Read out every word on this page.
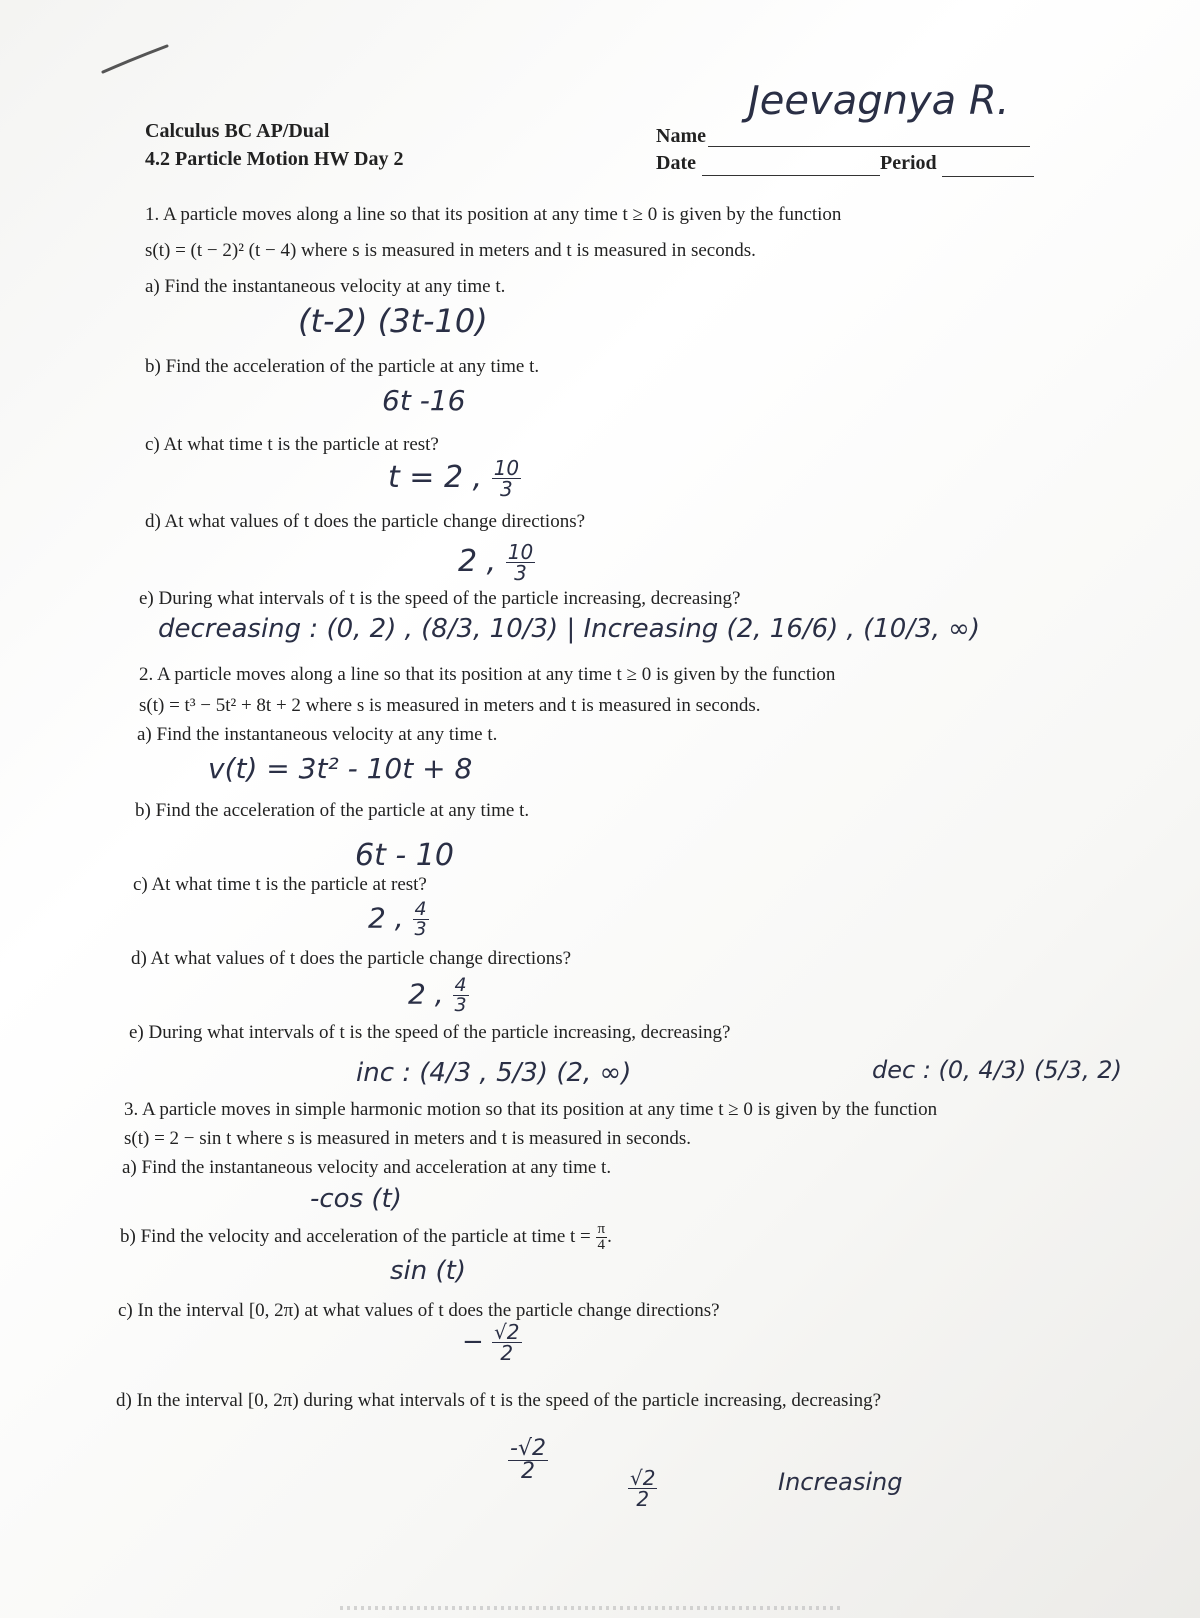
Calculus BC AP/Dual
4.2 Particle Motion HW Day 2
Name
Jeevagnya R.
Date	Period
1. A particle moves along a line so that its position at any time t ≥ 0 is given by the function
s(t) = (t − 2)² (t − 4) where s is measured in meters and t is measured in seconds.
a) Find the instantaneous velocity at any time t.
(t-2) (3t-10)
b) Find the acceleration of the particle at any time t.
6t -16
c) At what time t is the particle at rest?
t = 2 , $\frac{10}{3}$
d) At what values of t does the particle change directions?
2 , $\frac{10}{3}$
e) During what intervals of t is the speed of the particle increasing, decreasing?
decreasing : (0, 2) , (8/3, 10/3) | Increasing (2, 16/6) , (10/3, ∞)
2. A particle moves along a line so that its position at any time t ≥ 0 is given by the function
s(t) = t³ − 5t² + 8t + 2 where s is measured in meters and t is measured in seconds.
a) Find the instantaneous velocity at any time t.
v(t) = 3t² - 10t + 8
b) Find the acceleration of the particle at any time t.
6t - 10
c) At what time t is the particle at rest?
2 , $\frac{4}{3}$
d) At what values of t does the particle change directions?
2 , $\frac{4}{3}$
e) During what intervals of t is the speed of the particle increasing, decreasing?
inc : (4/3 , 5/3) (2, ∞)	dec : (0, 4/3) (5/3, 2)
3. A particle moves in simple harmonic motion so that its position at any time t ≥ 0 is given by the function
s(t) = 2 − sin t where s is measured in meters and t is measured in seconds.
a) Find the instantaneous velocity and acceleration at any time t.
-cos (t)
b) Find the velocity and acceleration of the particle at time $t = \frac{\pi}{4}$ .
sin (t)
c) In the interval [0, 2π) at what values of t does the particle change directions?
− $\frac{√2}{2}$
d) In the interval [0, 2π) during what intervals of t is the speed of the particle increasing, decreasing?
$\frac{-√2}{2}$
$\frac{√2}{2}$	Increasing
